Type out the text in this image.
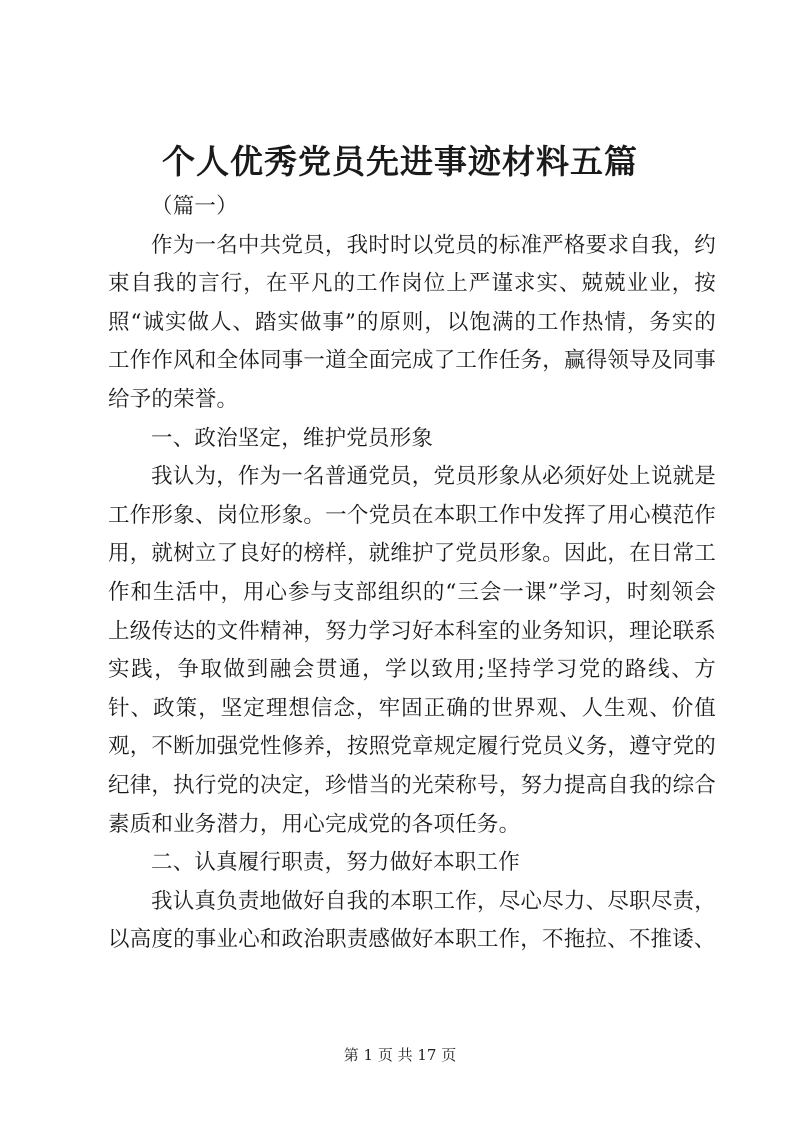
个人优秀党员先进事迹材料五篇

（篇一）

作为一名中共党员，我时时以党员的标准严格要求自我，约束自我的言行，在平凡的工作岗位上严谨求实、兢兢业业，按照“诚实做人、踏实做事”的原则，以饱满的工作热情，务实的工作作风和全体同事一道全面完成了工作任务，赢得领导及同事给予的荣誉。

一、政治坚定，维护党员形象

我认为，作为一名普通党员，党员形象从必须好处上说就是工作形象、岗位形象。一个党员在本职工作中发挥了用心模范作用，就树立了良好的榜样，就维护了党员形象。因此，在日常工作和生活中，用心参与支部组织的“三会一课”学习，时刻领会上级传达的文件精神，努力学习好本科室的业务知识，理论联系实践，争取做到融会贯通，学以致用;坚持学习党的路线、方针、政策，坚定理想信念，牢固正确的世界观、人生观、价值观，不断加强党性修养，按照党章规定履行党员义务，遵守党的纪律，执行党的决定，珍惜当的光荣称号，努力提高自我的综合素质和业务潜力，用心完成党的各项任务。

二、认真履行职责，努力做好本职工作

我认真负责地做好自我的本职工作，尽心尽力、尽职尽责，以高度的事业心和政治职责感做好本职工作，不拖拉、不推诿、

第 1 页 共 17 页
